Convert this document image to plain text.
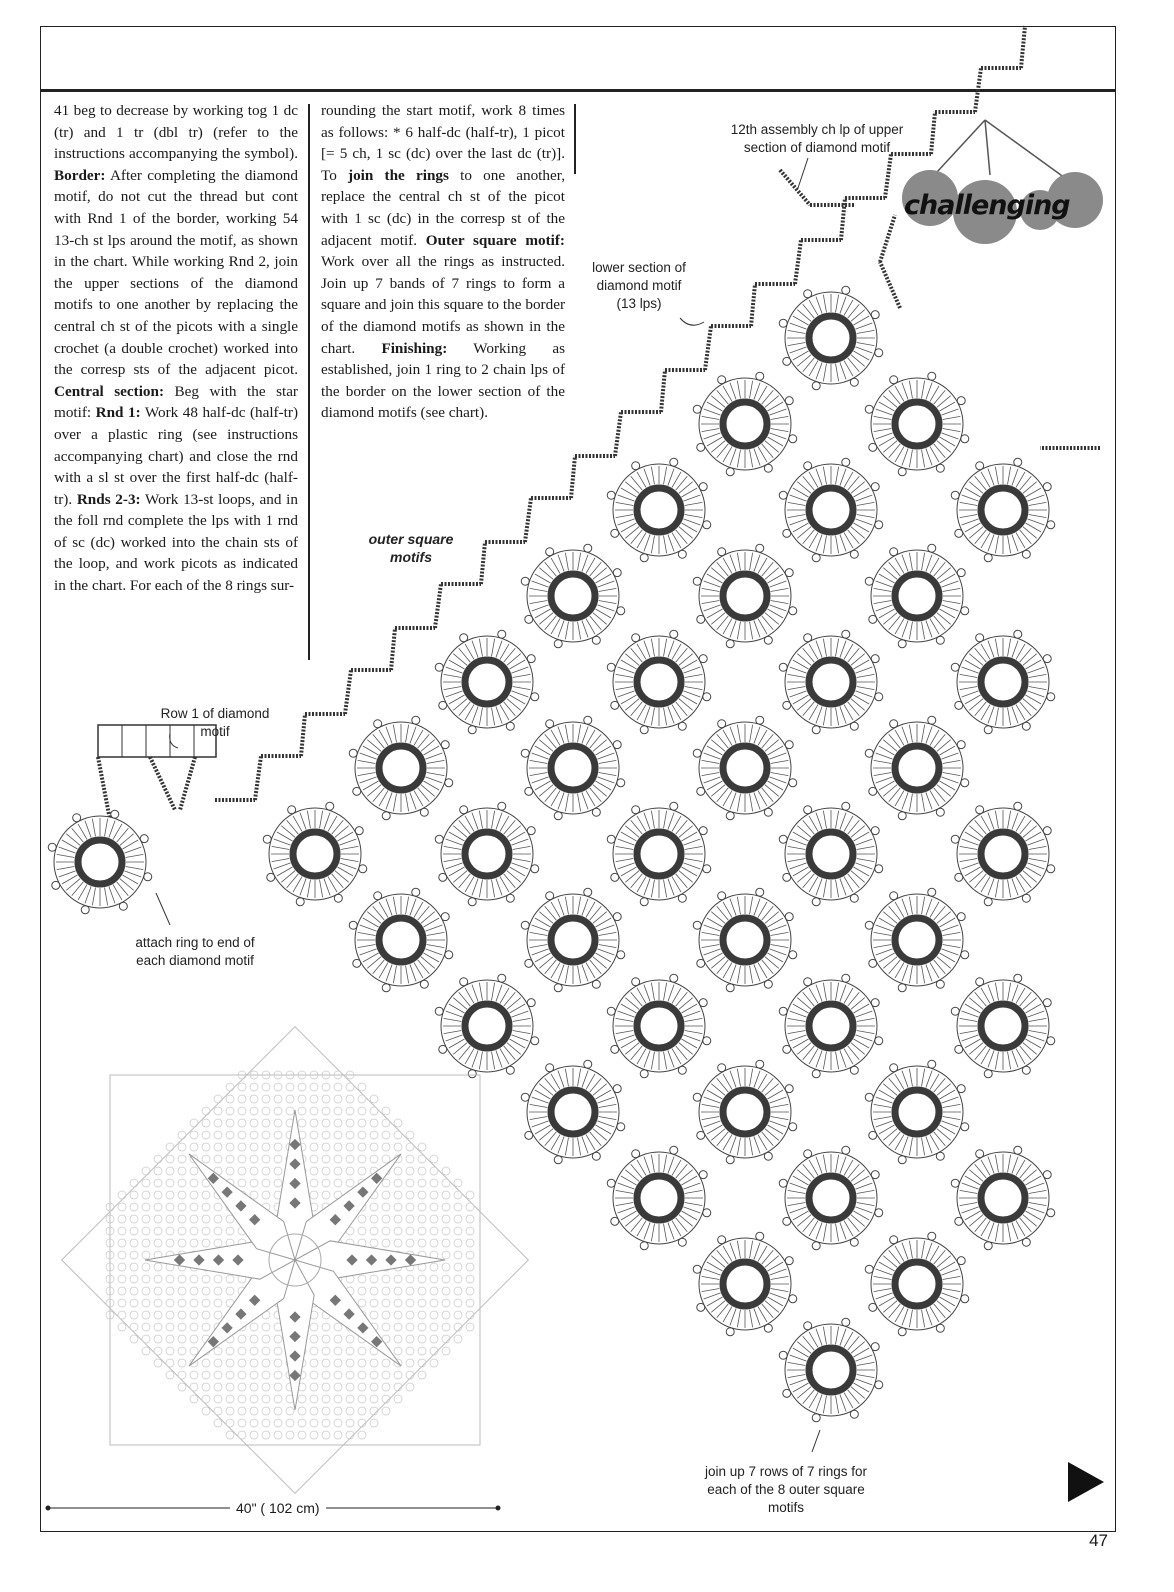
41 beg to decrease by working tog 1 dc (tr) and 1 tr (dbl tr) (refer to the instructions accompanying the symbol). Border: After completing the diamond motif, do not cut the thread but cont with Rnd 1 of the border, working 54 13-ch st lps around the motif, as shown in the chart. While working Rnd 2, join the upper sections of the diamond motifs to one another by replacing the central ch st of the picots with a single crochet (a double crochet) worked into the corresp sts of the adjacent picot. Central section: Beg with the star motif: Rnd 1: Work 48 half-dc (half-tr) over a plastic ring (see instructions accompanying chart) and close the rnd with a sl st over the first half-dc (half-tr). Rnds 2-3: Work 13-st loops, and in the foll rnd complete the lps with 1 rnd of sc (dc) worked into the chain sts of the loop, and work picots as indicated in the chart. For each of the 8 rings sur-

rounding the start motif, work 8 times as follows: * 6 half-dc (half-tr), 1 picot [= 5 ch, 1 sc (dc) over the last dc (tr)]. To join the rings to one another, replace the central ch st of the picot with 1 sc (dc) in the corresp st of the adjacent motif. Outer square motif: Work over all the rings as instructed. Join up 7 bands of 7 rings to form a square and join this square to the border of the diamond motifs as shown in the chart. Finishing: Working as established, join 1 ring to 2 chain lps of the border on the lower section of the diamond motifs (see chart).

challenging
12th assembly ch lp of upper section of diamond motif
lower section of diamond motif (13 lps)
outer square motifs
Row 1 of diamond motif
attach ring to end of each diamond motif
join up 7 rows of 7 rings for each of the 8 outer square motifs
40" ( 102 cm)
47
